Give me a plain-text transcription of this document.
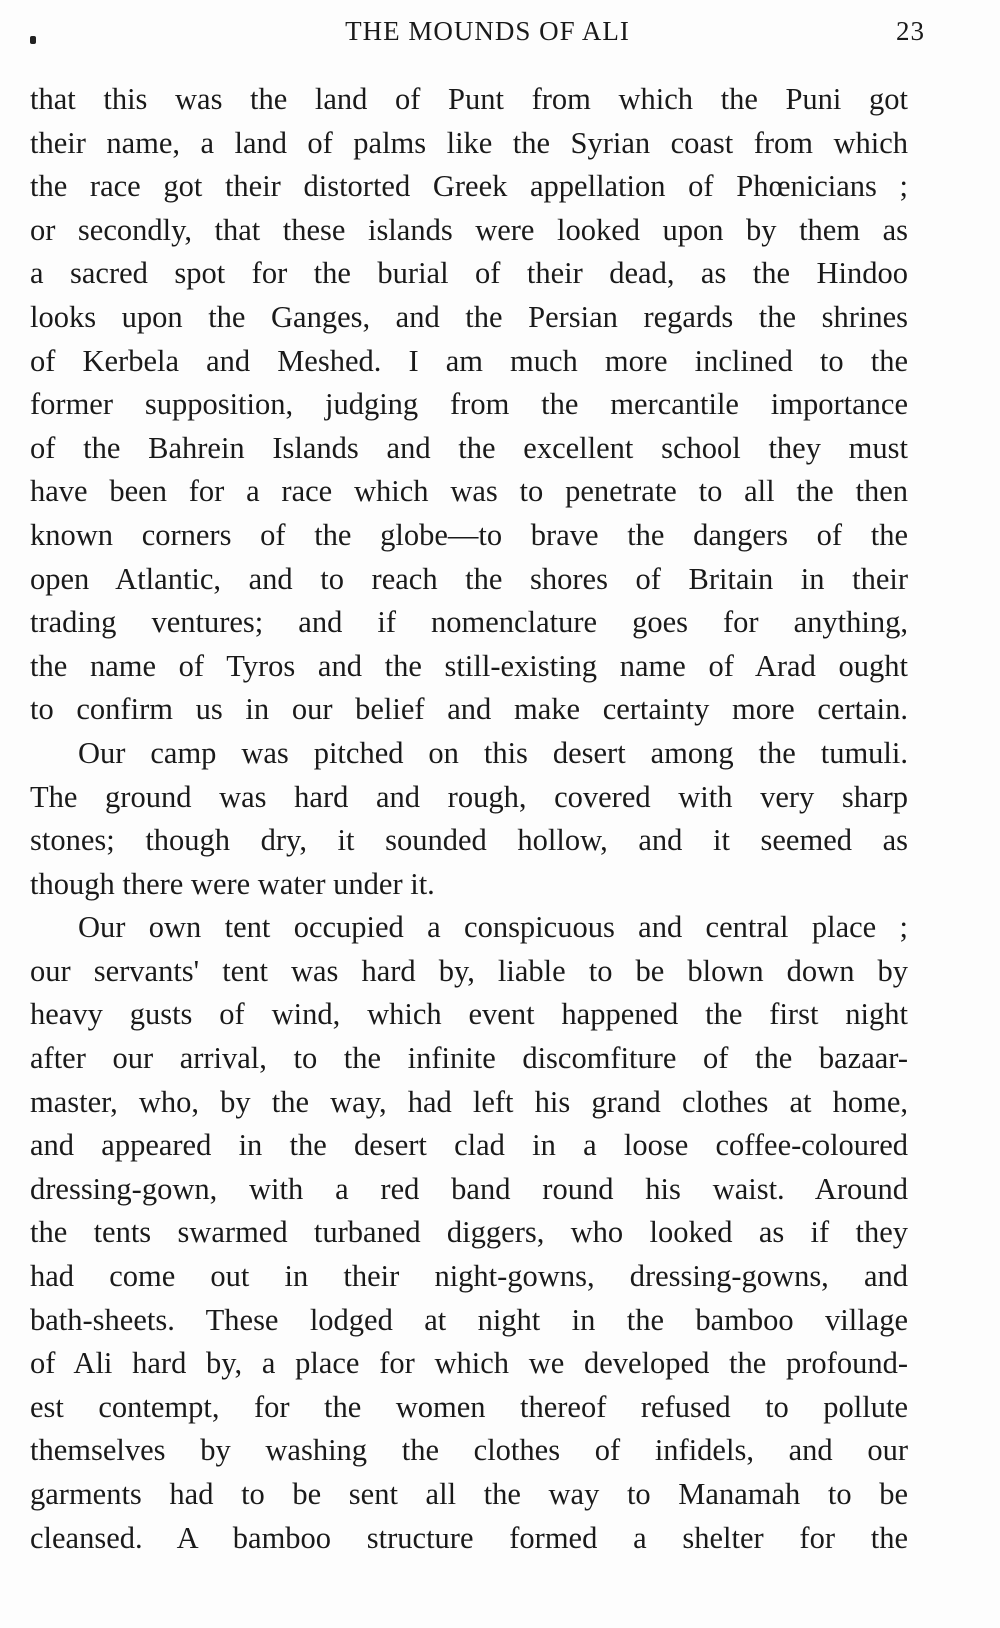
THE MOUNDS OF ALI	23
that this was the land of Punt from which the Puni got
their name, a land of palms like the Syrian coast from which
the race got their distorted Greek appellation of Phœnicians ;
or secondly, that these islands were looked upon by them as
a sacred spot for the burial of their dead, as the Hindoo
looks upon the Ganges, and the Persian regards the shrines
of Kerbela and Meshed. I am much more inclined to the
former supposition, judging from the mercantile importance
of the Bahrein Islands and the excellent school they must
have been for a race which was to penetrate to all the then
known corners of the globe—to brave the dangers of the
open Atlantic, and to reach the shores of Britain in their
trading ventures; and if nomenclature goes for anything,
the name of Tyros and the still-existing name of Arad ought
to confirm us in our belief and make certainty more certain.
Our camp was pitched on this desert among the tumuli.
The ground was hard and rough, covered with very sharp
stones; though dry, it sounded hollow, and it seemed as
though there were water under it.
Our own tent occupied a conspicuous and central place ;
our servants' tent was hard by, liable to be blown down by
heavy gusts of wind, which event happened the first night
after our arrival, to the infinite discomfiture of the bazaar-
master, who, by the way, had left his grand clothes at home,
and appeared in the desert clad in a loose coffee-coloured
dressing-gown, with a red band round his waist. Around
the tents swarmed turbaned diggers, who looked as if they
had come out in their night-gowns, dressing-gowns, and
bath-sheets. These lodged at night in the bamboo village
of Ali hard by, a place for which we developed the profound-
est contempt, for the women thereof refused to pollute
themselves by washing the clothes of infidels, and our
garments had to be sent all the way to Manamah to be
cleansed. A bamboo structure formed a shelter for the
